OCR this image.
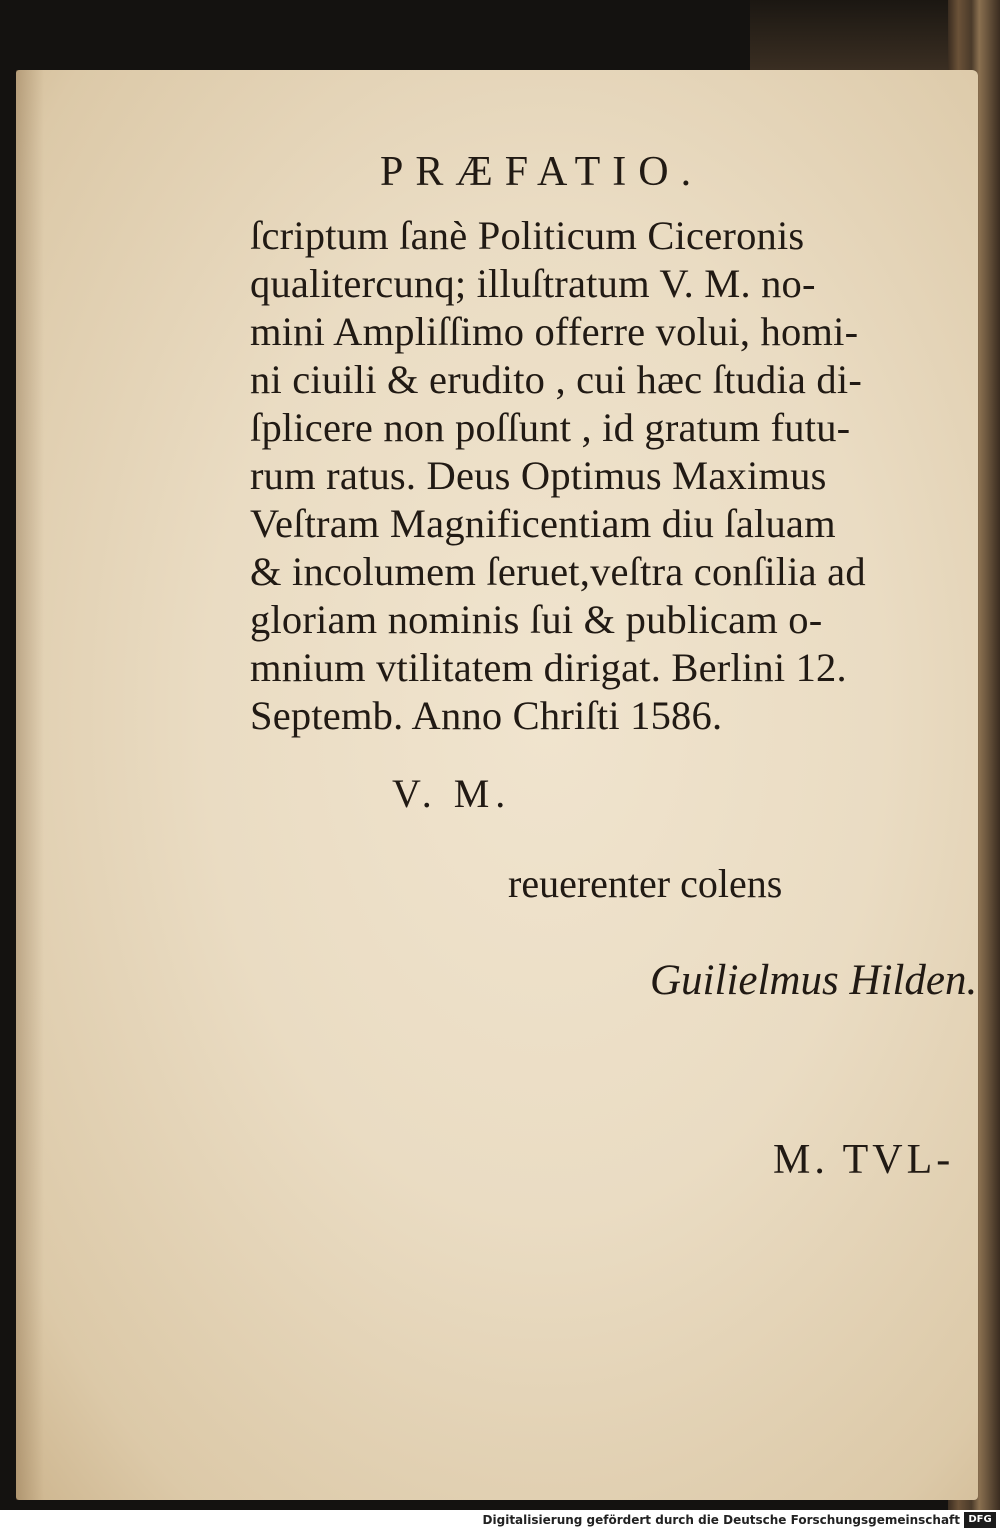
PRÆFATIO.
ſcriptum ſanè Politicum Ciceronis
qualitercunq; illuſtratum V. M. no-
mini Ampliſſimo offerre volui, homi-
ni ciuili & erudito , cui hæc ſtudia di-
ſplicere non poſſunt , id gratum futu-
rum ratus. Deus Optimus Maximus
Veſtram Magnificentiam diu ſaluam
& incolumem ſeruet,veſtra conſilia ad
gloriam nominis ſui & publicam o-
mnium vtilitatem dirigat. Berlini 12.
Septemb. Anno Chriſti 1586.
V. M.
reuerenter colens
Guilielmus Hilden.
M. TVL-
Digitalisierung gefördert durch die Deutsche Forschungsgemeinschaft DFG
